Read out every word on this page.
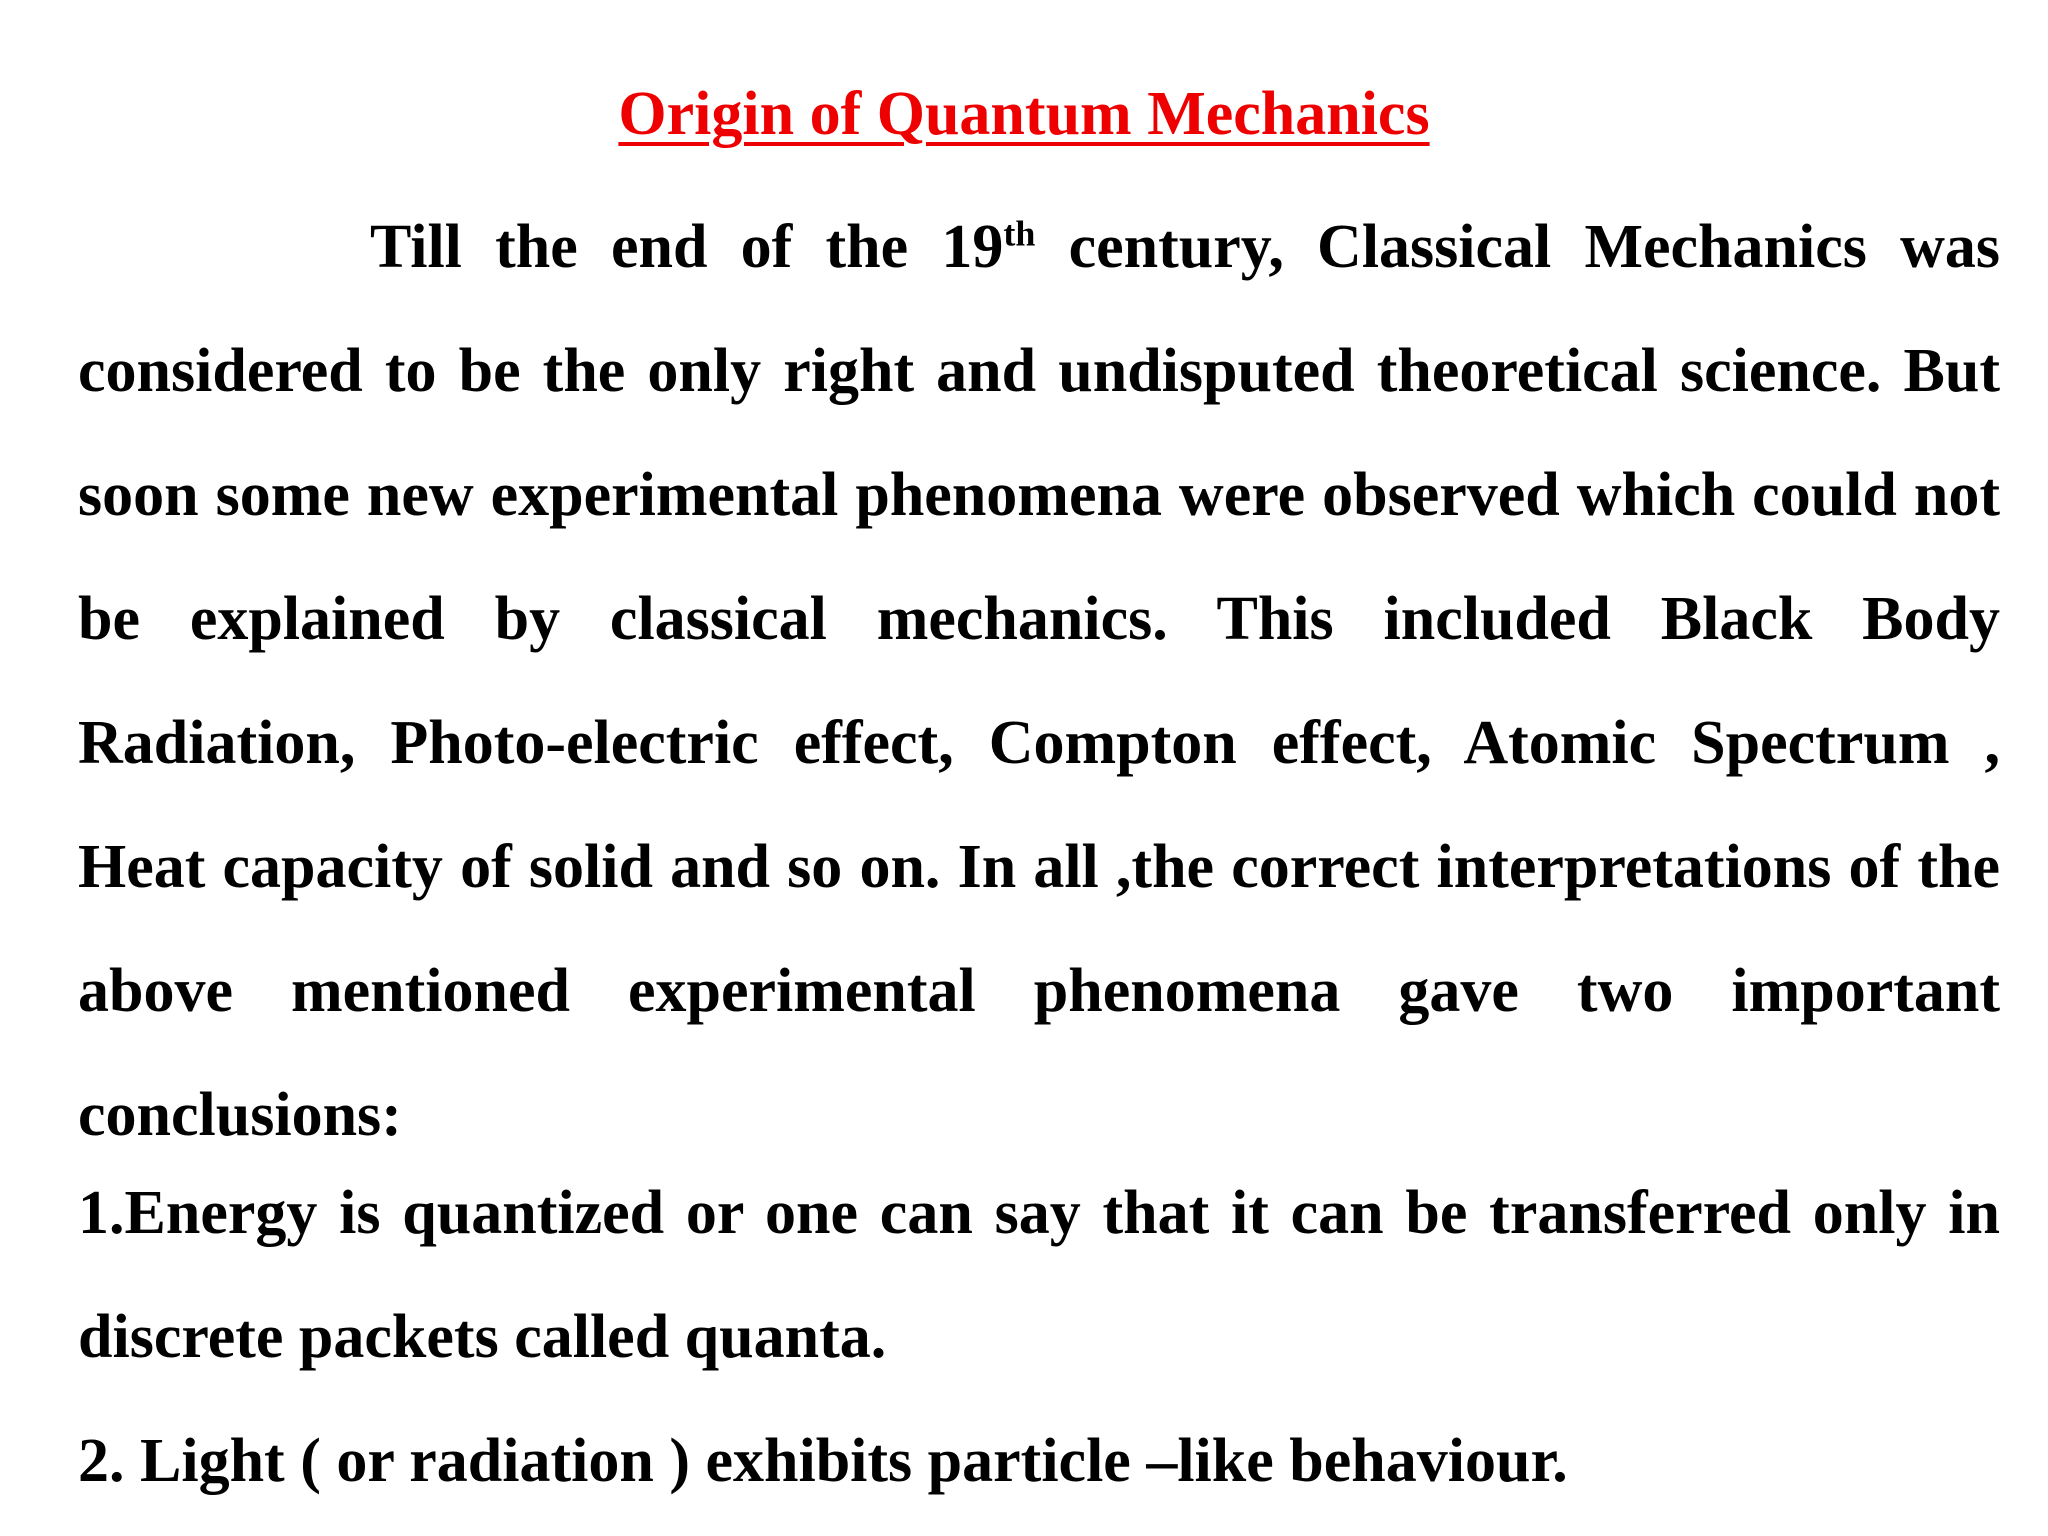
Origin of Quantum Mechanics

Till the end of the 19th century, Classical Mechanics was considered to be the only right and undisputed theoretical science. But soon some new experimental phenomena were observed which could not be explained by classical mechanics. This included Black Body Radiation, Photo-electric effect, Compton effect, Atomic Spectrum , Heat capacity of solid and so on. In all ,the correct interpretations of the above mentioned experimental phenomena gave two important conclusions:

1.Energy is quantized or one can say that it can be transferred only in discrete packets called quanta.

2. Light ( or radiation ) exhibits particle –like behaviour.
